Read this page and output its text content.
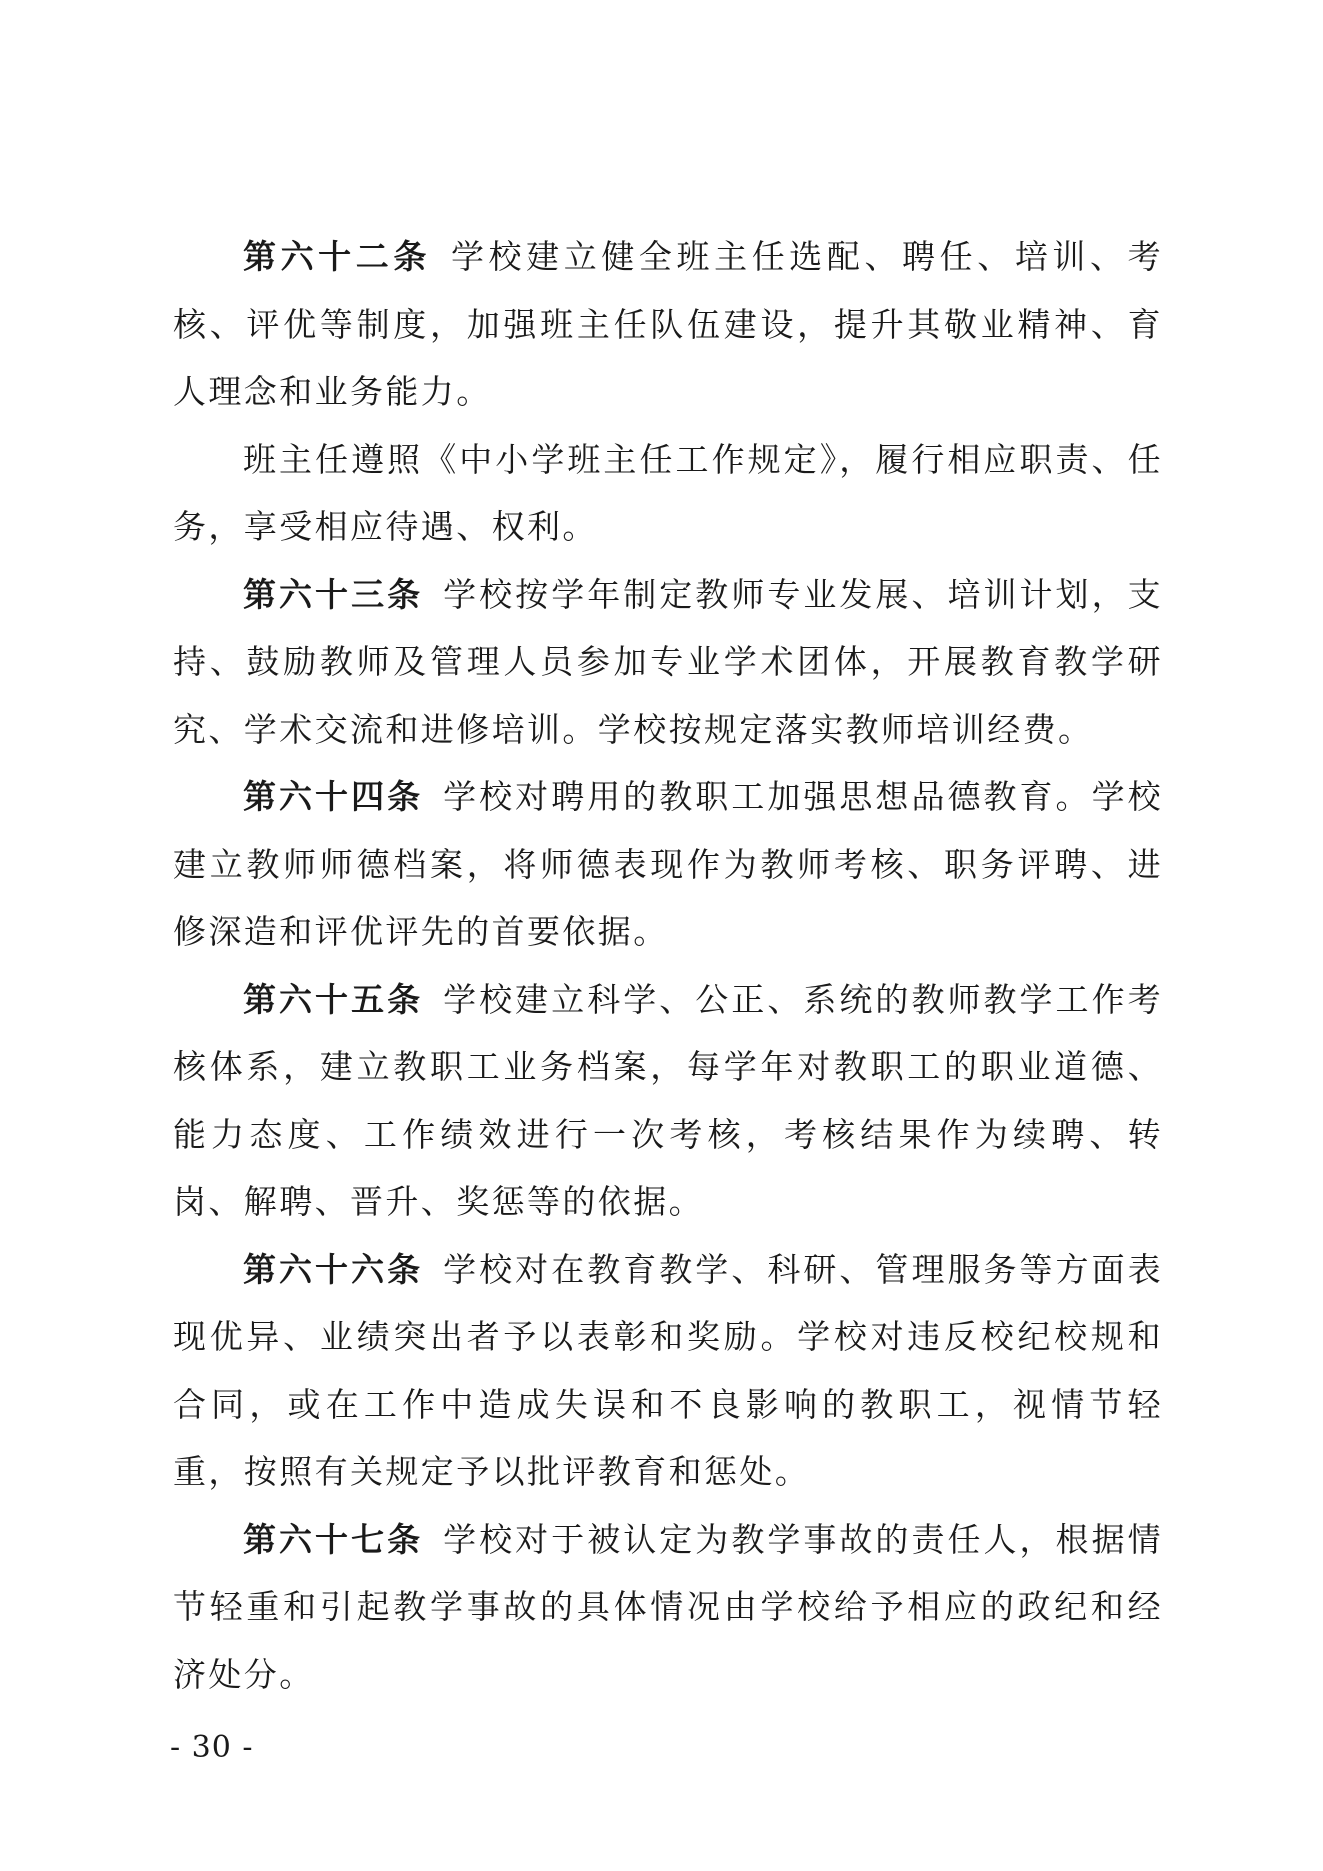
第六十二条 学校建立健全班主任选配、聘任、培训、考核、评优等制度，加强班主任队伍建设，提升其敬业精神、育人理念和业务能力。

班主任遵照《中小学班主任工作规定》，履行相应职责、任务，享受相应待遇、权利。

第六十三条 学校按学年制定教师专业发展、培训计划，支持、鼓励教师及管理人员参加专业学术团体，开展教育教学研究、学术交流和进修培训。学校按规定落实教师培训经费。

第六十四条 学校对聘用的教职工加强思想品德教育。学校建立教师师德档案，将师德表现作为教师考核、职务评聘、进修深造和评优评先的首要依据。

第六十五条 学校建立科学、公正、系统的教师教学工作考核体系，建立教职工业务档案，每学年对教职工的职业道德、能力态度、工作绩效进行一次考核，考核结果作为续聘、转岗、解聘、晋升、奖惩等的依据。

第六十六条 学校对在教育教学、科研、管理服务等方面表现优异、业绩突出者予以表彰和奖励。学校对违反校纪校规和合同，或在工作中造成失误和不良影响的教职工，视情节轻重，按照有关规定予以批评教育和惩处。

第六十七条 学校对于被认定为教学事故的责任人，根据情节轻重和引起教学事故的具体情况由学校给予相应的政纪和经济处分。

- 30 -
